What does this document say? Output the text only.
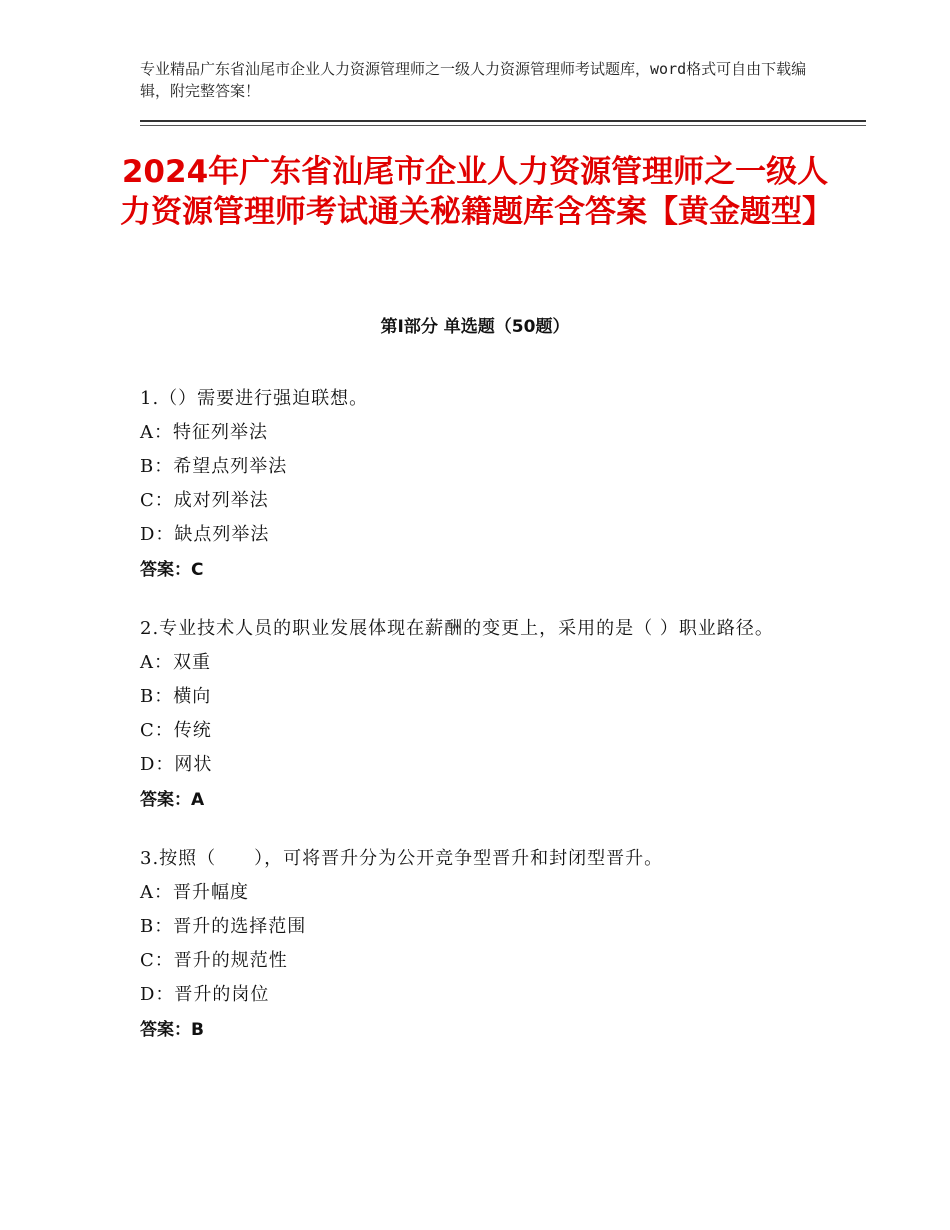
专业精品广东省汕尾市企业人力资源管理师之一级人力资源管理师考试题库，word格式可自由下载编辑，附完整答案！
2024年广东省汕尾市企业人力资源管理师之一级人力资源管理师考试通关秘籍题库含答案【黄金题型】
第Ⅰ部分 单选题（50题）

1.（）需要进行强迫联想。

A：特征列举法

B：希望点列举法

C：成对列举法

D：缺点列举法

答案：C

2.专业技术人员的职业发展体现在薪酬的变更上，采用的是（ ）职业路径。

A：双重

B：横向

C：传统

D：网状

答案：A

3.按照（　　），可将晋升分为公开竞争型晋升和封闭型晋升。

A：晋升幅度

B：晋升的选择范围

C：晋升的规范性

D：晋升的岗位

答案：B
